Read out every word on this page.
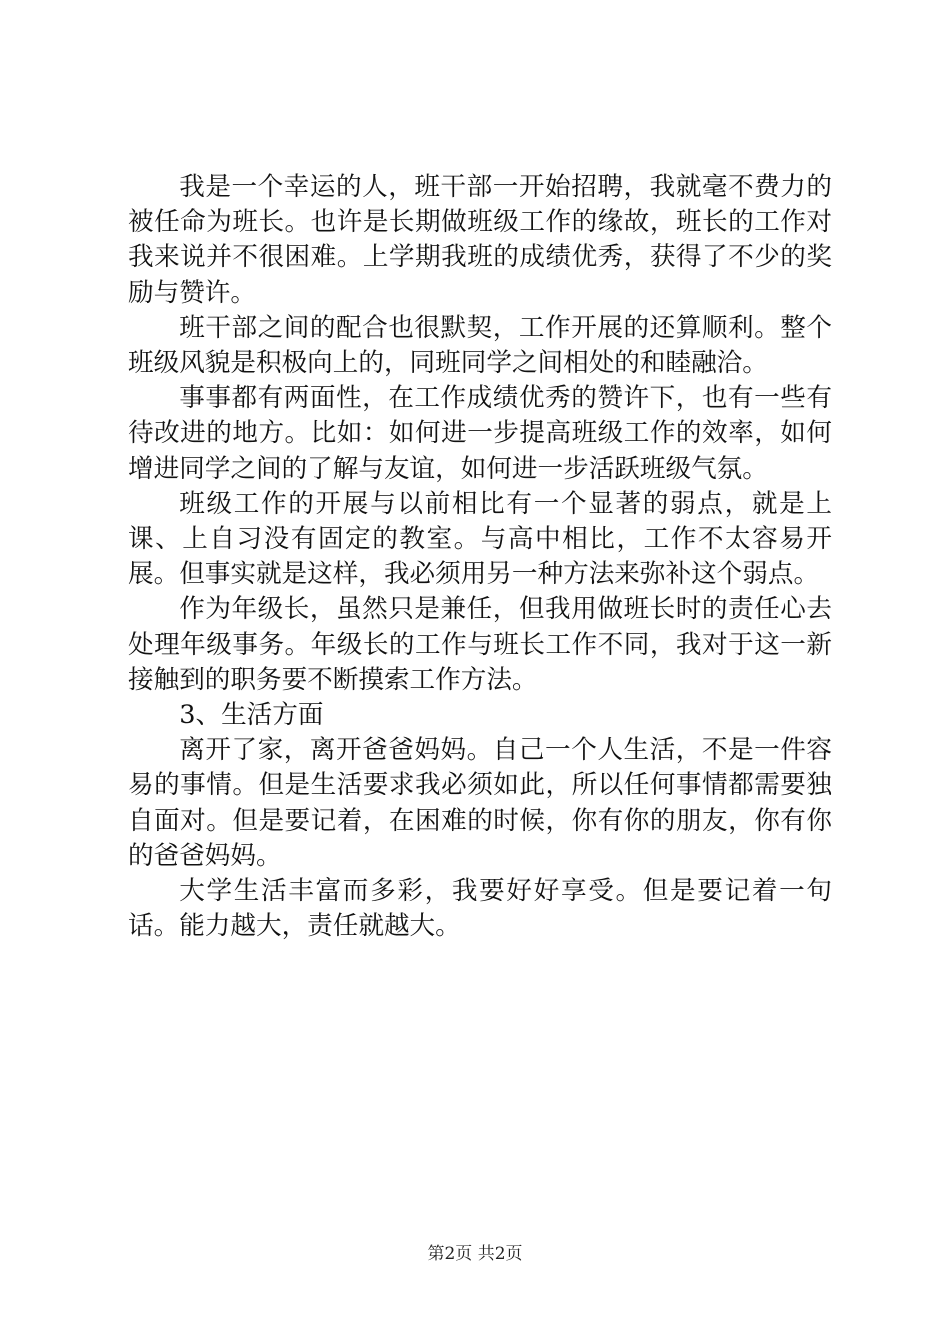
我是一个幸运的人，班干部一开始招聘，我就毫不费力的被任命为班长。也许是长期做班级工作的缘故，班长的工作对我来说并不很困难。上学期我班的成绩优秀，获得了不少的奖励与赞许。

班干部之间的配合也很默契，工作开展的还算顺利。整个班级风貌是积极向上的，同班同学之间相处的和睦融洽。

事事都有两面性，在工作成绩优秀的赞许下，也有一些有待改进的地方。比如：如何进一步提高班级工作的效率，如何增进同学之间的了解与友谊，如何进一步活跃班级气氛。

班级工作的开展与以前相比有一个显著的弱点，就是上课、上自习没有固定的教室。与高中相比，工作不太容易开展。但事实就是这样，我必须用另一种方法来弥补这个弱点。

作为年级长，虽然只是兼任，但我用做班长时的责任心去处理年级事务。年级长的工作与班长工作不同，我对于这一新接触到的职务要不断摸索工作方法。

3、生活方面

离开了家，离开爸爸妈妈。自己一个人生活，不是一件容易的事情。但是生活要求我必须如此，所以任何事情都需要独自面对。但是要记着，在困难的时候，你有你的朋友，你有你的爸爸妈妈。

大学生活丰富而多彩，我要好好享受。但是要记着一句话。能力越大，责任就越大。

第2页 共2页
